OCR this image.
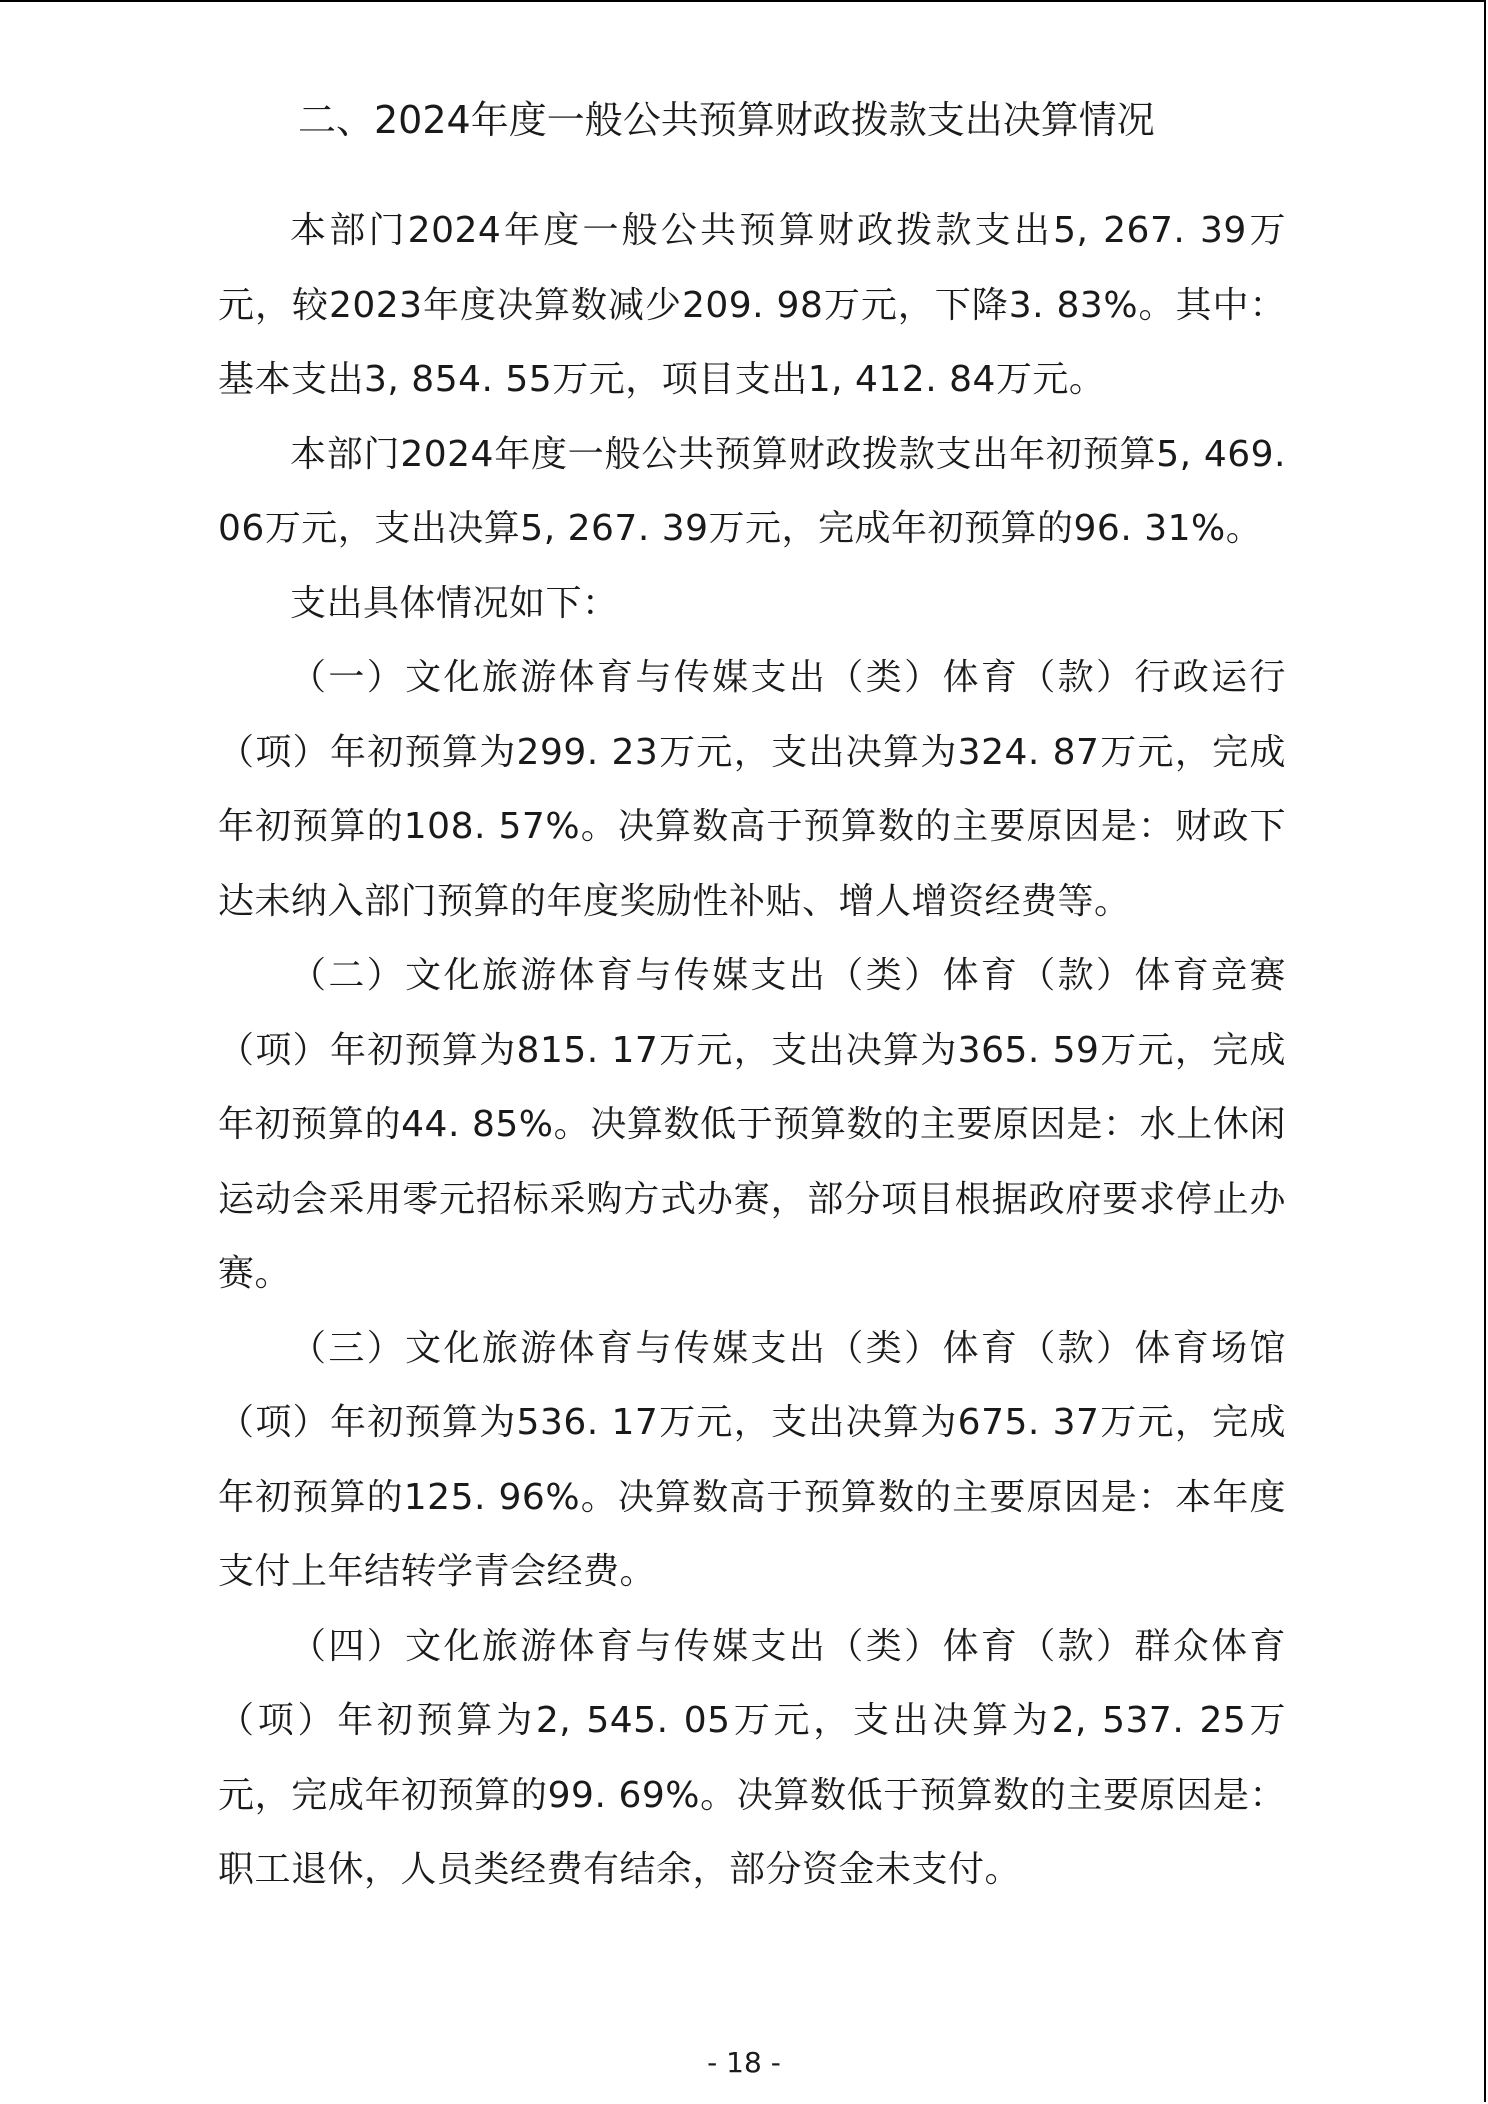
二、2024年度一般公共预算财政拨款支出决算情况

本部门2024年度一般公共预算财政拨款支出5, 267. 39万元，较2023年度决算数减少209. 98万元，下降3. 83%。其中：基本支出3, 854. 55万元，项目支出1, 412. 84万元。

本部门2024年度一般公共预算财政拨款支出年初预算5, 469. 06万元，支出决算5, 267. 39万元，完成年初预算的96. 31%。

支出具体情况如下：

（一）文化旅游体育与传媒支出（类）体育（款）行政运行（项）年初预算为299. 23万元，支出决算为324. 87万元，完成年初预算的108. 57%。决算数高于预算数的主要原因是：财政下达未纳入部门预算的年度奖励性补贴、增人增资经费等。

（二）文化旅游体育与传媒支出（类）体育（款）体育竞赛（项）年初预算为815. 17万元，支出决算为365. 59万元，完成年初预算的44. 85%。决算数低于预算数的主要原因是：水上休闲运动会采用零元招标采购方式办赛，部分项目根据政府要求停止办赛。

（三）文化旅游体育与传媒支出（类）体育（款）体育场馆（项）年初预算为536. 17万元，支出决算为675. 37万元，完成年初预算的125. 96%。决算数高于预算数的主要原因是：本年度支付上年结转学青会经费。

（四）文化旅游体育与传媒支出（类）体育（款）群众体育（项）年初预算为2, 545. 05万元，支出决算为2, 537. 25万元，完成年初预算的99. 69%。决算数低于预算数的主要原因是：职工退休，人员类经费有结余，部分资金未支付。

- 18 -
